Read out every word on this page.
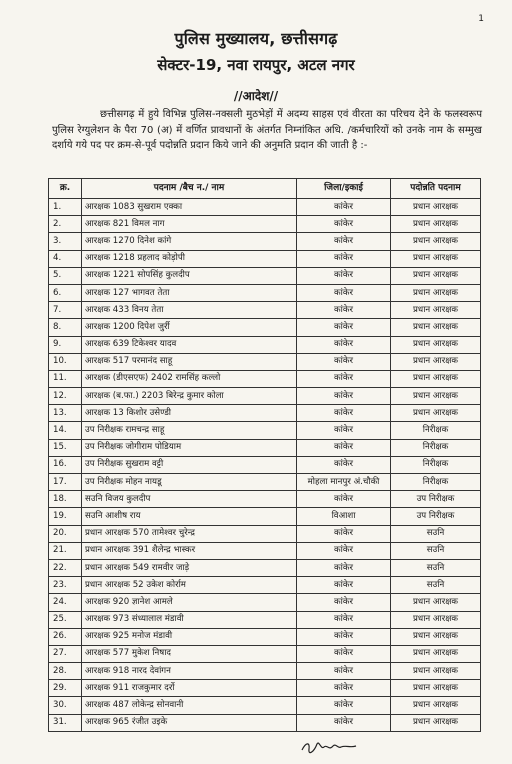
1
पुलिस मुख्यालय, छत्तीसगढ़
सेक्टर-19, नवा रायपुर, अटल नगर
//आदेश//
छत्तीसगढ़ में हुये विभिन्न पुलिस-नक्सली मुठभेड़ों में अदम्य साहस एवं वीरता का परिचय देने के फलस्वरूप पुलिस रेग्युलेशन के पैरा 70 (अ) में वर्णित प्रावधानों के अंतर्गत निम्नांकित अधि. /कर्मचारियों को उनके नाम के सम्मुख दर्शाये गये पद पर क्रम-से-पूर्व पदोन्नति प्रदान किये जाने की अनुमति प्रदान की जाती है :-
क्र.	पदनाम /बैच न./ नाम	जिला/इकाई	पदोन्नति पदनाम
1.	आरक्षक 1083 सुखराम एक्का	कांकेर	प्रधान आरक्षक
2.	आरक्षक 821 विमल नाग	कांकेर	प्रधान आरक्षक
3.	आरक्षक 1270 दिनेश कांगे	कांकेर	प्रधान आरक्षक
4.	आरक्षक 1218 प्रहलाद कोड़ोपी	कांकेर	प्रधान आरक्षक
5.	आरक्षक 1221 सोपसिंह कुलदीप	कांकेर	प्रधान आरक्षक
6.	आरक्षक 127 भागवत तेता	कांकेर	प्रधान आरक्षक
7.	आरक्षक 433 विनय तेता	कांकेर	प्रधान आरक्षक
8.	आरक्षक 1200 दिपेश जुर्री	कांकेर	प्रधान आरक्षक
9.	आरक्षक 639 टिकेश्वर यादव	कांकेर	प्रधान आरक्षक
10.	आरक्षक 517 परमानंद साहू	कांकेर	प्रधान आरक्षक
11.	आरक्षक (डीएसएफ) 2402 रामसिंह कल्लो	कांकेर	प्रधान आरक्षक
12.	आरक्षक (ब.फा.) 2203 बिरेन्द्र कुमार कोला	कांकेर	प्रधान आरक्षक
13.	आरक्षक 13 किशोर उसेण्डी	कांकेर	प्रधान आरक्षक
14.	उप निरीक्षक रामचन्द्र साहू	कांकेर	निरीक्षक
15.	उप निरीक्षक जोगीराम पोडियाम	कांकेर	निरीक्षक
16.	उप निरीक्षक सुखराम वट्टी	कांकेर	निरीक्षक
17.	उप निरीक्षक मोहन नायडू	मोहला मानपुर अं.चौकी	निरीक्षक
18.	सउनि विजय कुलदीप	कांकेर	उप निरीक्षक
19.	सउनि आशीष राय	विआशा	उप निरीक्षक
20.	प्रधान आरक्षक 570 तामेश्वर चुरेन्द्र	कांकेर	सउनि
21.	प्रधान आरक्षक 391 शैलेन्द्र भास्कर	कांकेर	सउनि
22.	प्रधान आरक्षक 549 रामवीर जाड़े	कांकेर	सउनि
23.	प्रधान आरक्षक 52 उकेश कोर्राम	कांकेर	सउनि
24.	आरक्षक 920 ज्ञानेश आमले	कांकेर	प्रधान आरक्षक
25.	आरक्षक 973 संध्यालाल मंडावी	कांकेर	प्रधान आरक्षक
26.	आरक्षक 925 मनोज मंडावी	कांकेर	प्रधान आरक्षक
27.	आरक्षक 577 मुकेश निषाद	कांकेर	प्रधान आरक्षक
28.	आरक्षक 918 नारद देवांगन	कांकेर	प्रधान आरक्षक
29.	आरक्षक 911 राजकुमार दर्रो	कांकेर	प्रधान आरक्षक
30.	आरक्षक 487 लोकेन्द्र सोनवानी	कांकेर	प्रधान आरक्षक
31.	आरक्षक 965 रंजीत उइके	कांकेर	प्रधान आरक्षक
